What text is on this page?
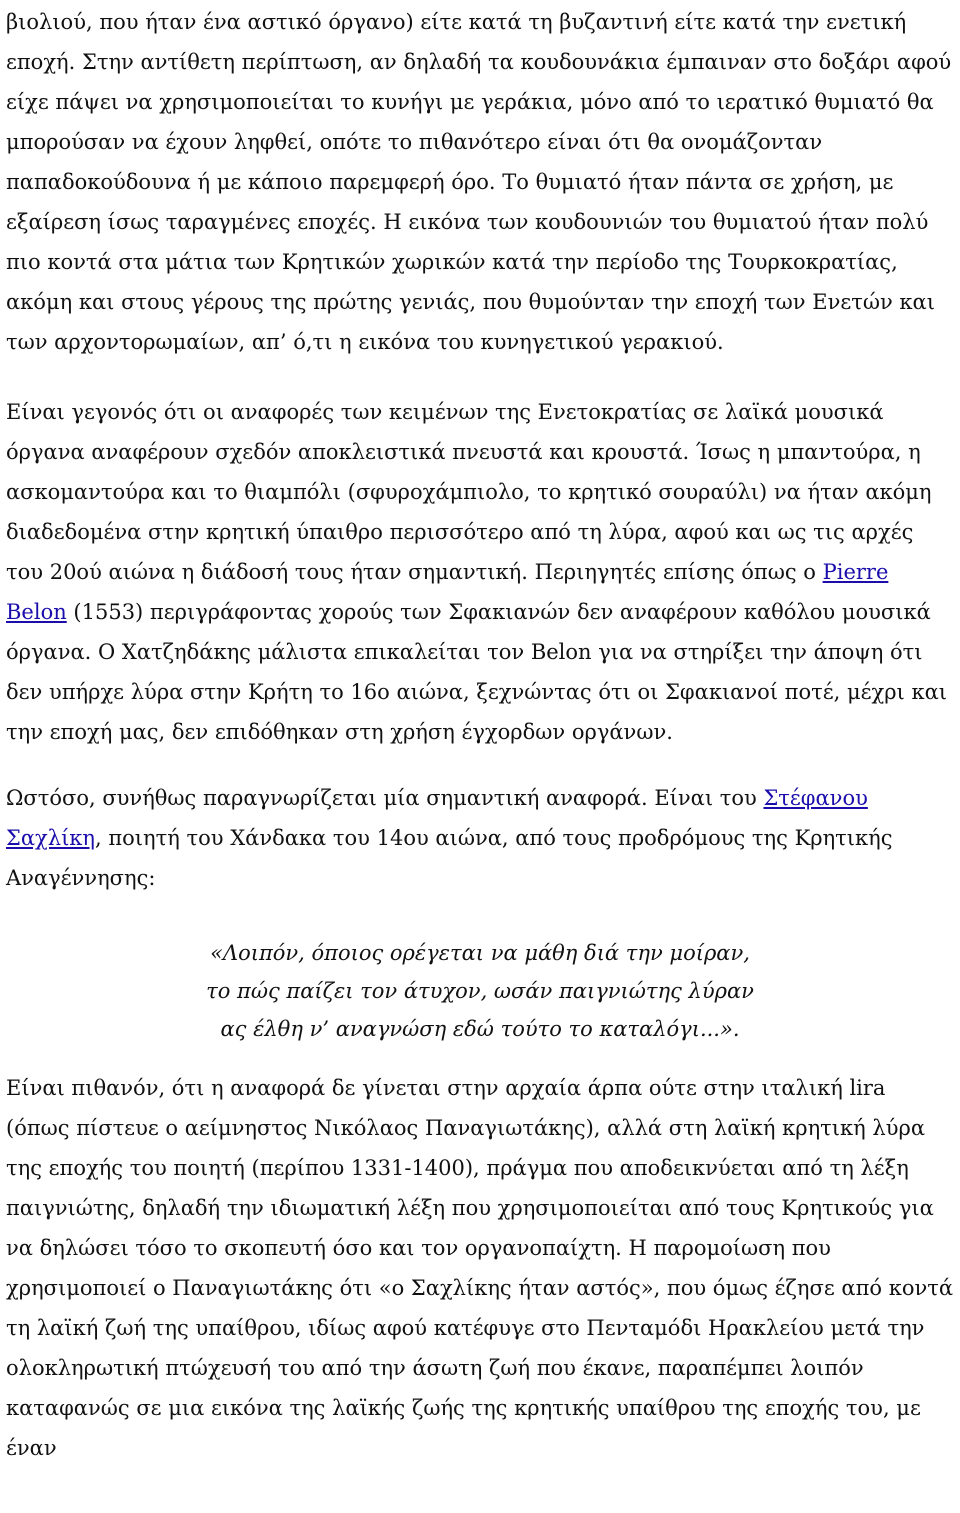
βιολιού, που ήταν ένα αστικό όργανο) είτε κατά τη βυζαντινή είτε κατά την ενετική εποχή. Στην αντίθετη περίπτωση, αν δηλαδή τα κουδουνάκια έμπαιναν στο δοξάρι αφού είχε πάψει να χρησιμοποιείται το κυνήγι με γεράκια, μόνο από το ιερατικό θυμιατό θα μπορούσαν να έχουν ληφθεί, οπότε το πιθανότερο είναι ότι θα ονομάζονταν παπαδοκούδουνα ή με κάποιο παρεμφερή όρο. Το θυμιατό ήταν πάντα σε χρήση, με εξαίρεση ίσως ταραγμένες εποχές. Η εικόνα των κουδουνιών του θυμιατού ήταν πολύ πιο κοντά στα μάτια των Κρητικών χωρικών κατά την περίοδο της Τουρκοκρατίας, ακόμη και στους γέρους της πρώτης γενιάς, που θυμούνταν την εποχή των Ενετών και των αρχοντορωμαίων, απ’ ό,τι η εικόνα του κυνηγετικού γερακιού.

Είναι γεγονός ότι οι αναφορές των κειμένων της Ενετοκρατίας σε λαϊκά μουσικά όργανα αναφέρουν σχεδόν αποκλειστικά πνευστά και κρουστά. Ίσως η μπαντούρα, η ασκομαντούρα και το θιαμπόλι (σφυροχάμπιολο, το κρητικό σουραύλι) να ήταν ακόμη διαδεδομένα στην κρητική ύπαιθρο περισσότερο από τη λύρα, αφού και ως τις αρχές του 20ού αιώνα η διάδοσή τους ήταν σημαντική. Περιηγητές επίσης όπως ο Pierre Belon (1553) περιγράφοντας χορούς των Σφακιανών δεν αναφέρουν καθόλου μουσικά όργανα. Ο Χατζηδάκης μάλιστα επικαλείται τον Belon για να στηρίξει την άποψη ότι δεν υπήρχε λύρα στην Κρήτη το 16ο αιώνα, ξεχνώντας ότι οι Σφακιανοί ποτέ, μέχρι και την εποχή μας, δεν επιδόθηκαν στη χρήση έγχορδων οργάνων.

Ωστόσο, συνήθως παραγνωρίζεται μία σημαντική αναφορά. Είναι του Στέφανου Σαχλίκη, ποιητή του Χάνδακα του 14ου αιώνα, από τους προδρόμους της Κρητικής Αναγέννησης:

«Λοιπόν, όποιος ορέγεται να μάθη διά την μοίραν,
το πώς παίζει τον άτυχον, ωσάν παιγνιώτης λύραν
ας έλθη ν’ αναγνώση εδώ τούτο το καταλόγι...».

Είναι πιθανόν, ότι η αναφορά δε γίνεται στην αρχαία άρπα ούτε στην ιταλική lira (όπως πίστευε ο αείμνηστος Νικόλαος Παναγιωτάκης), αλλά στη λαϊκή κρητική λύρα της εποχής του ποιητή (περίπου 1331-1400), πράγμα που αποδεικνύεται από τη λέξη παιγνιώτης, δηλαδή την ιδιωματική λέξη που χρησιμοποιείται από τους Κρητικούς για να δηλώσει τόσο το σκοπευτή όσο και τον οργανοπαίχτη. Η παρομοίωση που χρησιμοποιεί ο Παναγιωτάκης ότι «ο Σαχλίκης ήταν αστός», που όμως έζησε από κοντά τη λαϊκή ζωή της υπαίθρου, ιδίως αφού κατέφυγε στο Πενταμόδι Ηρακλείου μετά την ολοκληρωτική πτώχευσή του από την άσωτη ζωή που έκανε, παραπέμπει λοιπόν καταφανώς σε μια εικόνα της λαϊκής ζωής της κρητικής υπαίθρου της εποχής του, με έναν
